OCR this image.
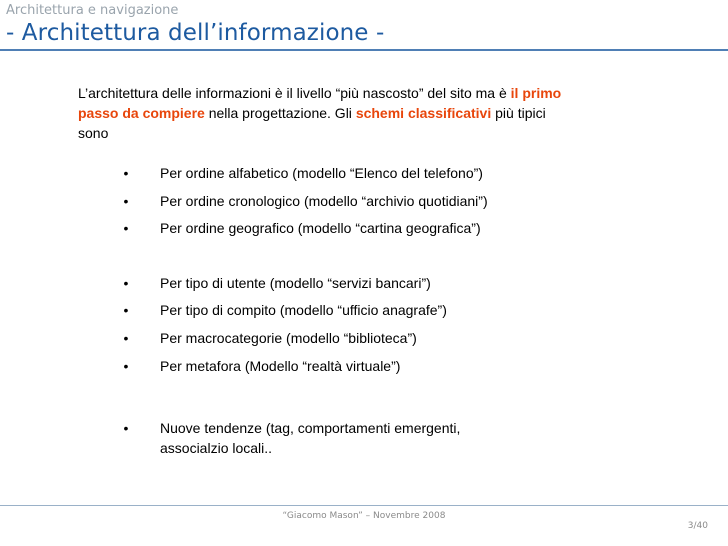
Architettura e navigazione
- Architettura dell’informazione -
L’architettura delle informazioni è il livello “più nascosto” del sito ma è il primo passo da compiere nella progettazione. Gli schemi classificativi più tipici sono
• Per ordine alfabetico (modello “Elenco del telefono”)
• Per ordine cronologico (modello “archivio quotidiani”)
• Per ordine geografico (modello “cartina geografica”)
• Per tipo di utente (modello “servizi bancari”)
• Per tipo di compito (modello “ufficio anagrafe”)
• Per macrocategorie (modello “biblioteca”)
• Per metafora (Modello “realtà virtuale”)
• Nuove tendenze (tag, comportamenti emergenti, associalzio locali..
“Giacomo Mason” – Novembre 2008
3/40
